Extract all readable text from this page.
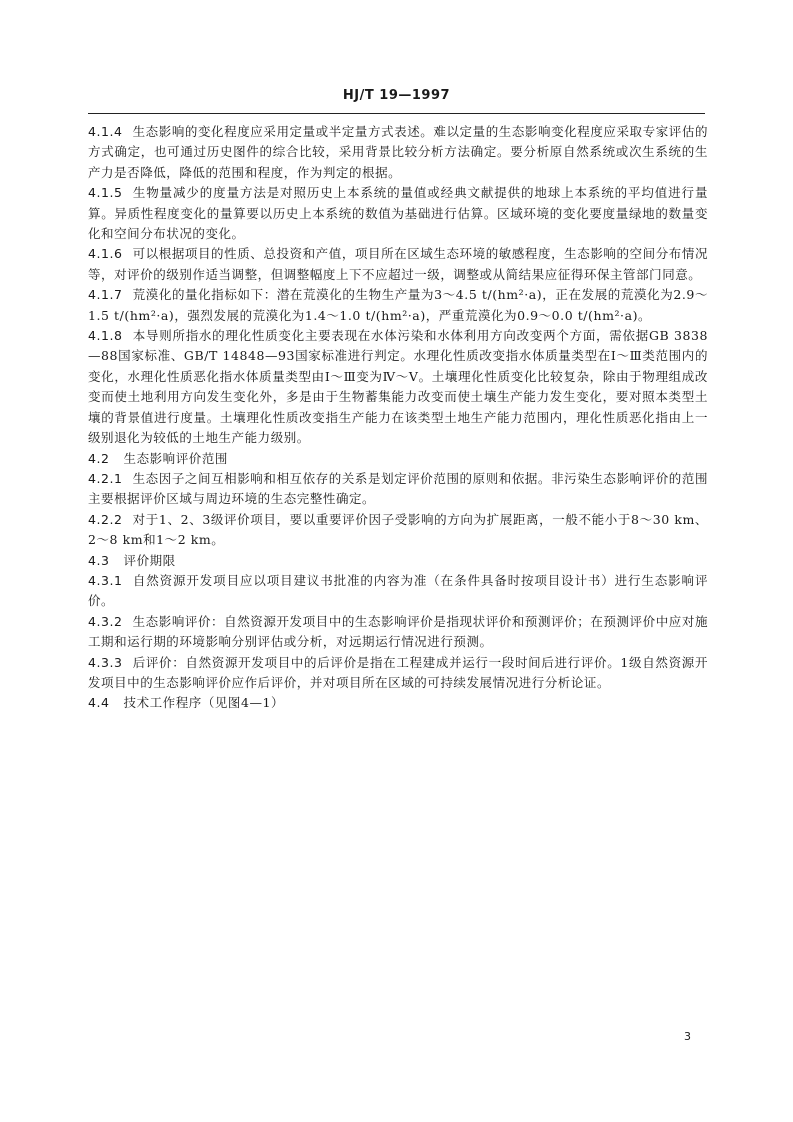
HJ/T 19—1997

4.1.4 生态影响的变化程度应采用定量或半定量方式表述。难以定量的生态影响变化程度应采取专家评估的方式确定，也可通过历史图件的综合比较，采用背景比较分析方法确定。要分析原自然系统或次生系统的生产力是否降低，降低的范围和程度，作为判定的根据。

4.1.5 生物量减少的度量方法是对照历史上本系统的量值或经典文献提供的地球上本系统的平均值进行量算。异质性程度变化的量算要以历史上本系统的数值为基础进行估算。区域环境的变化要度量绿地的数量变化和空间分布状况的变化。

4.1.6 可以根据项目的性质、总投资和产值，项目所在区域生态环境的敏感程度，生态影响的空间分布情况等，对评价的级别作适当调整，但调整幅度上下不应超过一级，调整或从简结果应征得环保主管部门同意。

4.1.7 荒漠化的量化指标如下：潜在荒漠化的生物生产量为3～4.5 t/(hm²·a)，正在发展的荒漠化为2.9～1.5 t/(hm²·a)，强烈发展的荒漠化为1.4～1.0 t/(hm²·a)，严重荒漠化为0.9～0.0 t/(hm²·a)。

4.1.8 本导则所指水的理化性质变化主要表现在水体污染和水体利用方向改变两个方面，需依据GB 3838—88国家标准、GB/T 14848—93国家标准进行判定。水理化性质改变指水体质量类型在Ⅰ～Ⅲ类范围内的变化，水理化性质恶化指水体质量类型由Ⅰ～Ⅲ变为Ⅳ～Ⅴ。土壤理化性质变化比较复杂，除由于物理组成改变而使土地利用方向发生变化外，多是由于生物蓄集能力改变而使土壤生产能力发生变化，要对照本类型土壤的背景值进行度量。土壤理化性质改变指生产能力在该类型土地生产能力范围内，理化性质恶化指由上一级别退化为较低的土地生产能力级别。

4.2 生态影响评价范围

4.2.1 生态因子之间互相影响和相互依存的关系是划定评价范围的原则和依据。非污染生态影响评价的范围主要根据评价区域与周边环境的生态完整性确定。

4.2.2 对于1、2、3级评价项目，要以重要评价因子受影响的方向为扩展距离，一般不能小于8～30 km、2～8 km和1～2 km。

4.3 评价期限

4.3.1 自然资源开发项目应以项目建议书批准的内容为准（在条件具备时按项目设计书）进行生态影响评价。

4.3.2 生态影响评价：自然资源开发项目中的生态影响评价是指现状评价和预测评价；在预测评价中应对施工期和运行期的环境影响分别评估或分析，对远期运行情况进行预测。

4.3.3 后评价：自然资源开发项目中的后评价是指在工程建成并运行一段时间后进行评价。1级自然资源开发项目中的生态影响评价应作后评价，并对项目所在区域的可持续发展情况进行分析论证。

4.4 技术工作程序（见图4—1）

3
